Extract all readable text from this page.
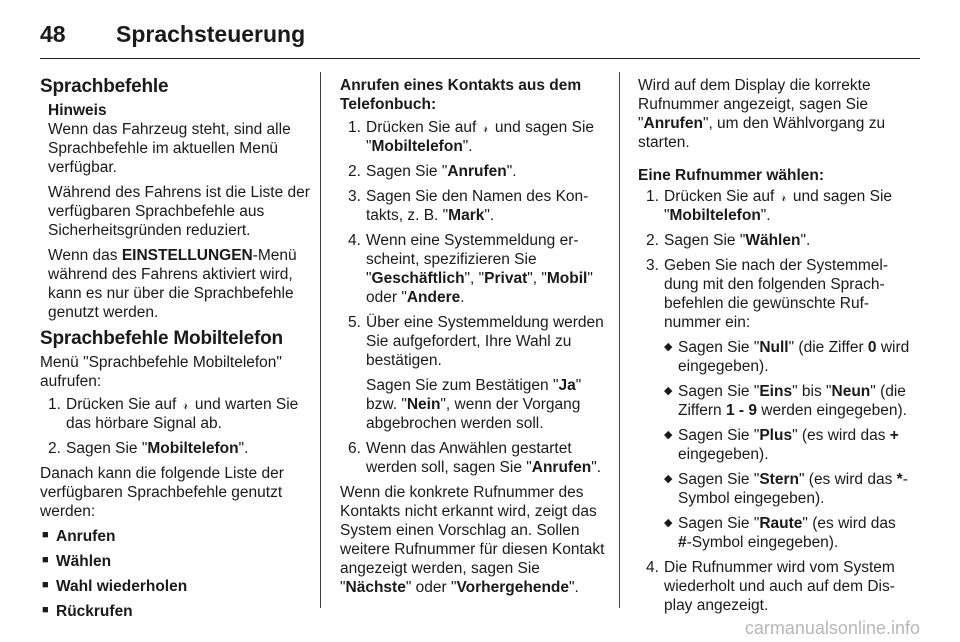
48	Sprachsteuerung
Sprachbefehle
Hinweis

Wenn das Fahrzeug steht, sind alle Sprachbefehle im aktuellen Menü verfügbar.

Während des Fahrens ist die Liste der verfügbaren Sprachbefehle aus Sicherheitsgründen reduziert.

Wenn das EINSTELLUNGEN-Menü während des Fahrens aktiviert wird, kann es nur über die Sprachbefehle genutzt werden.

Sprachbefehle Mobiltelefon

Menü "Sprachbefehle Mobiltelefon" aufrufen:

1. Drücken Sie auf 𝓇 und warten Sie das hörbare Signal ab.
2. Sagen Sie "Mobiltelefon".

Danach kann die folgende Liste der verfügbaren Sprachbefehle genutzt werden:

■ Anrufen
■ Wählen
■ Wahl wiederholen
■ Rückrufen
Anrufen eines Kontakts aus dem Telefonbuch:
1. Drücken Sie auf 𝓇 und sagen Sie "Mobiltelefon".
2. Sagen Sie "Anrufen".
3. Sagen Sie den Namen des Kontakts, z. B. "Mark".
4. Wenn eine Systemmeldung erscheint, spezifizieren Sie "Geschäftlich", "Privat", "Mobil" oder "Andere.
5. Über eine Systemmeldung werden Sie aufgefordert, Ihre Wahl zu bestätigen.
Sagen Sie zum Bestätigen "Ja" bzw. "Nein", wenn der Vorgang abgebrochen werden soll.
6. Wenn das Anwählen gestartet werden soll, sagen Sie "Anrufen".

Wenn die konkrete Rufnummer des Kontakts nicht erkannt wird, zeigt das System einen Vorschlag an. Sollen weitere Rufnummer für diesen Kontakt angezeigt werden, sagen Sie "Nächste" oder "Vorhergehende".

Wird auf dem Display die korrekte Rufnummer angezeigt, sagen Sie "Anrufen", um den Wählvorgang zu starten.

Eine Rufnummer wählen:
1. Drücken Sie auf 𝓇 und sagen Sie "Mobiltelefon".
2. Sagen Sie "Wählen".
3. Geben Sie nach der Systemmeldung mit den folgenden Sprachbefehlen die gewünschte Rufnummer ein:
◆ Sagen Sie "Null" (die Ziffer 0 wird eingegeben).
◆ Sagen Sie "Eins" bis "Neun" (die Ziffern 1 - 9 werden eingegeben).
◆ Sagen Sie "Plus" (es wird das + eingegeben).
◆ Sagen Sie "Stern" (es wird das *-Symbol eingegeben).
◆ Sagen Sie "Raute" (es wird das #-Symbol eingegeben).
4. Die Rufnummer wird vom System wiederholt und auch auf dem Display angezeigt.
carmanualsonline.info
